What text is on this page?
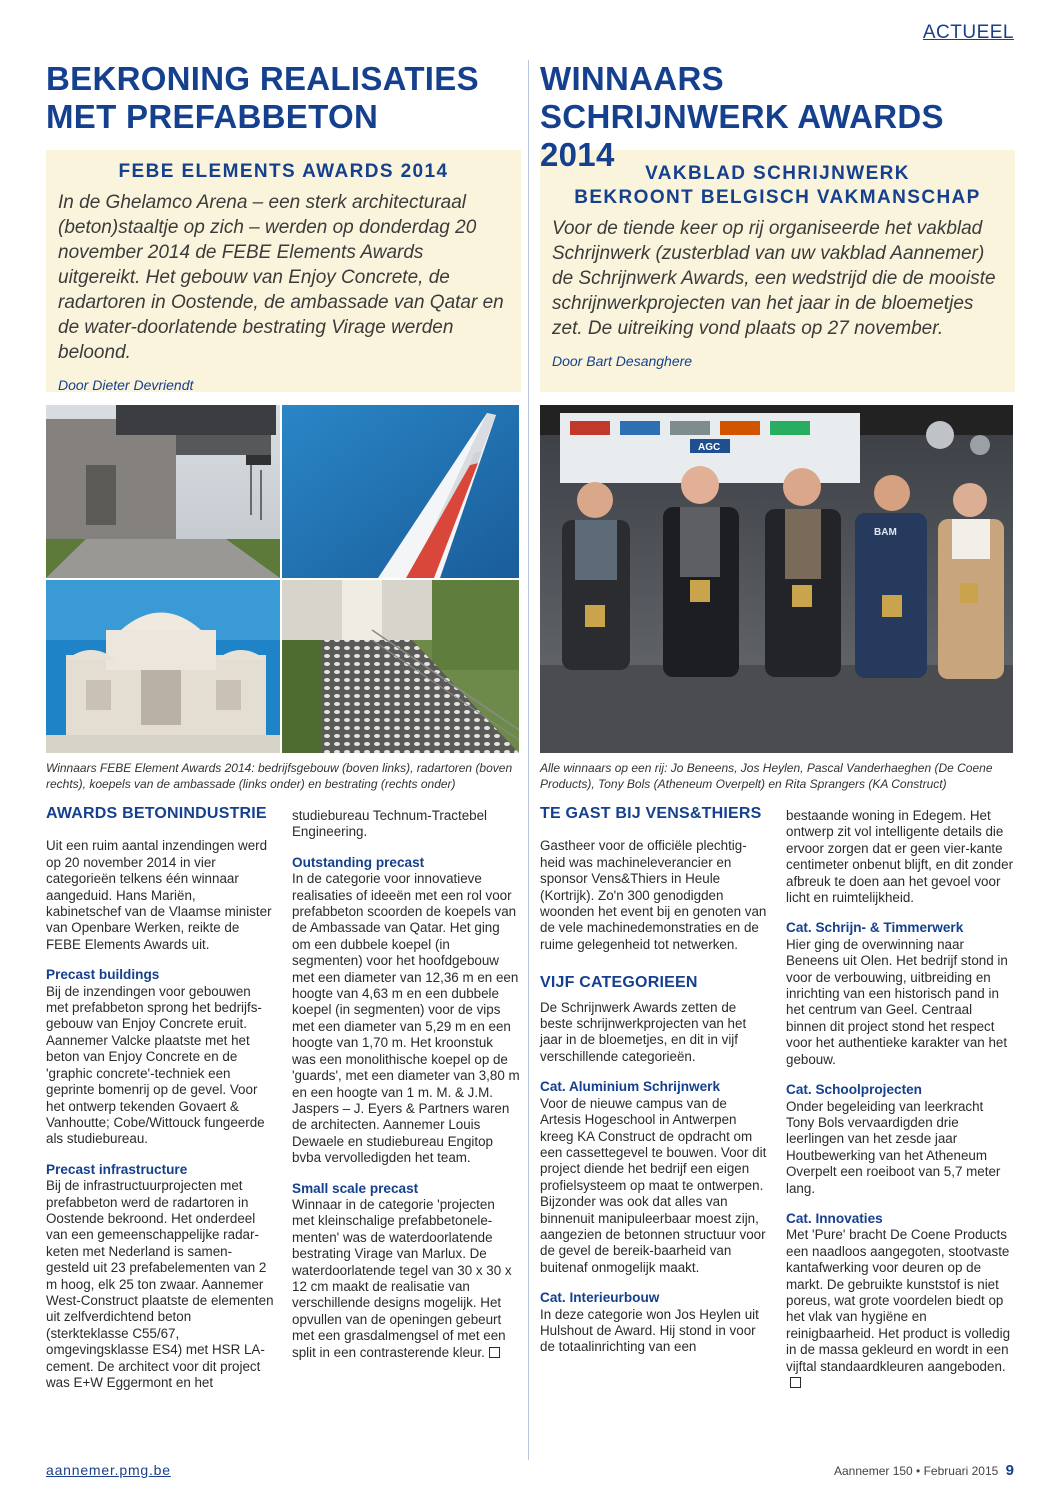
ACTUEEL
BEKRONING REALISATIES
MET PREFABBETON
FEBE ELEMENTS AWARDS 2014
In de Ghelamco Arena – een sterk architecturaal (beton)staaltje op zich – werden op donderdag 20 november 2014 de FEBE Elements Awards uitgereikt. Het gebouw van Enjoy Concrete, de radartoren in Oostende, de ambassade van Qatar en de water-doorlatende bestrating Virage werden beloond.
Door Dieter Devriendt
WINNAARS
SCHRIJNWERK AWARDS 2014
VAKBLAD SCHRIJNWERK
BEKROONT BELGISCH VAKMANSCHAP
Voor de tiende keer op rij organiseerde het vakblad Schrijnwerk (zusterblad van uw vakblad Aannemer) de Schrijnwerk Awards, een wedstrijd die de mooiste schrijnwerkprojecten van het jaar in de bloemetjes zet. De uitreiking vond plaats op 27 november.
Door Bart Desanghere
AGC
BAM
Winnaars FEBE Element Awards 2014: bedrijfsgebouw (boven links), radartoren (boven rechts), koepels van de ambassade (links onder) en bestrating (rechts onder)
Alle winnaars op een rij: Jo Beneens, Jos Heylen, Pascal Vanderhaeghen (De Coene Products), Tony Bols (Atheneum Overpelt) en Rita Sprangers (KA Construct)
AWARDS BETONINDUSTRIE

Uit een ruim aantal inzendingen werd op 20 november 2014 in vier categorieën telkens één winnaar aangeduid. Hans Mariën, kabinetschef van de Vlaamse minister van Openbare Werken, reikte de FEBE Elements Awards uit.

Precast buildings

Bij de inzendingen voor gebouwen met prefabbeton sprong het bedrijfs-gebouw van Enjoy Concrete eruit. Aannemer Valcke plaatste met het beton van Enjoy Concrete en de 'graphic concrete'-techniek een geprinte bomenrij op de gevel. Voor het ontwerp tekenden Govaert & Vanhoutte; Cobe/Wittouck fungeerde als studiebureau.

Precast infrastructure

Bij de infrastructuurprojecten met prefabbeton werd de radartoren in Oostende bekroond. Het onderdeel van een gemeenschappelijke radar-keten met Nederland is samen-gesteld uit 23 prefabelementen van 2 m hoog, elk 25 ton zwaar. Aannemer West-Construct plaatste de elementen uit zelfverdichtend beton (sterkteklasse C55/67, omgevingsklasse ES4) met HSR LA- cement. De architect voor dit project was E+W Eggermont en het

studiebureau Technum-Tractebel Engineering.

Outstanding precast

In de categorie voor innovatieve realisaties of ideeën met een rol voor prefabbeton scoorden de koepels van de Ambassade van Qatar. Het ging om een dubbele koepel (in segmenten) voor het hoofdgebouw met een diameter van 12,36 m en een hoogte van 4,63 m en een dubbele koepel (in segmenten) voor de vips met een diameter van 5,29 m en een hoogte van 1,70 m. Het kroonstuk was een monolithische koepel op de 'guards', met een diameter van 3,80 m en een hoogte van 1 m. M. & J.M. Jaspers – J. Eyers & Partners waren de architecten. Aannemer Louis Dewaele en studiebureau Engitop bvba vervolledigden het team.

Small scale precast

Winnaar in de categorie 'projecten met kleinschalige prefabbetonele-menten' was de waterdoorlatende bestrating Virage van Marlux. De waterdoorlatende tegel van 30 x 30 x 12 cm maakt de realisatie van verschillende designs mogelijk. Het opvullen van de openingen gebeurt met een grasdalmengsel of met een split in een contrasterende kleur.

TE GAST BIJ VENS&THIERS

Gastheer voor de officiële plechtig-heid was machineleverancier en sponsor Vens&Thiers in Heule (Kortrijk). Zo'n 300 genodigden woonden het event bij en genoten van de vele machinedemonstraties en de ruime gelegenheid tot netwerken.

VIJF CATEGORIEEN

De Schrijnwerk Awards zetten de beste schrijnwerkprojecten van het jaar in de bloemetjes, en dit in vijf verschillende categorieën.

Cat. Aluminium Schrijnwerk

Voor de nieuwe campus van de Artesis Hogeschool in Antwerpen kreeg KA Construct de opdracht om een cassettegevel te bouwen. Voor dit project diende het bedrijf een eigen profielsysteem op maat te ontwerpen. Bijzonder was ook dat alles van binnenuit manipuleerbaar moest zijn, aangezien de betonnen structuur voor de gevel de bereik-baarheid van buitenaf onmogelijk maakt.

Cat. Interieurbouw

In deze categorie won Jos Heylen uit Hulshout de Award. Hij stond in voor de totaalinrichting van een

bestaande woning in Edegem. Het ontwerp zit vol intelligente details die ervoor zorgen dat er geen vier-kante centimeter onbenut blijft, en dit zonder afbreuk te doen aan het gevoel voor licht en ruimtelijkheid.

Cat. Schrijn- & Timmerwerk

Hier ging de overwinning naar Beneens uit Olen. Het bedrijf stond in voor de verbouwing, uitbreiding en inrichting van een historisch pand in het centrum van Geel. Centraal binnen dit project stond het respect voor het authentieke karakter van het gebouw.

Cat. Schoolprojecten

Onder begeleiding van leerkracht Tony Bols vervaardigden drie leerlingen van het zesde jaar Houtbewerking van het Atheneum Overpelt een roeiboot van 5,7 meter lang.

Cat. Innovaties

Met 'Pure' bracht De Coene Products een naadloos aangegoten, stootvaste kantafwerking voor deuren op de markt. De gebruikte kunststof is niet poreus, wat grote voordelen biedt op het vlak van hygiëne en reinigbaarheid. Het product is volledig in de massa gekleurd en wordt in een vijftal standaardkleuren aangeboden.

aannemer.pmg.be	Aannemer 150 • Februari 2015 9
